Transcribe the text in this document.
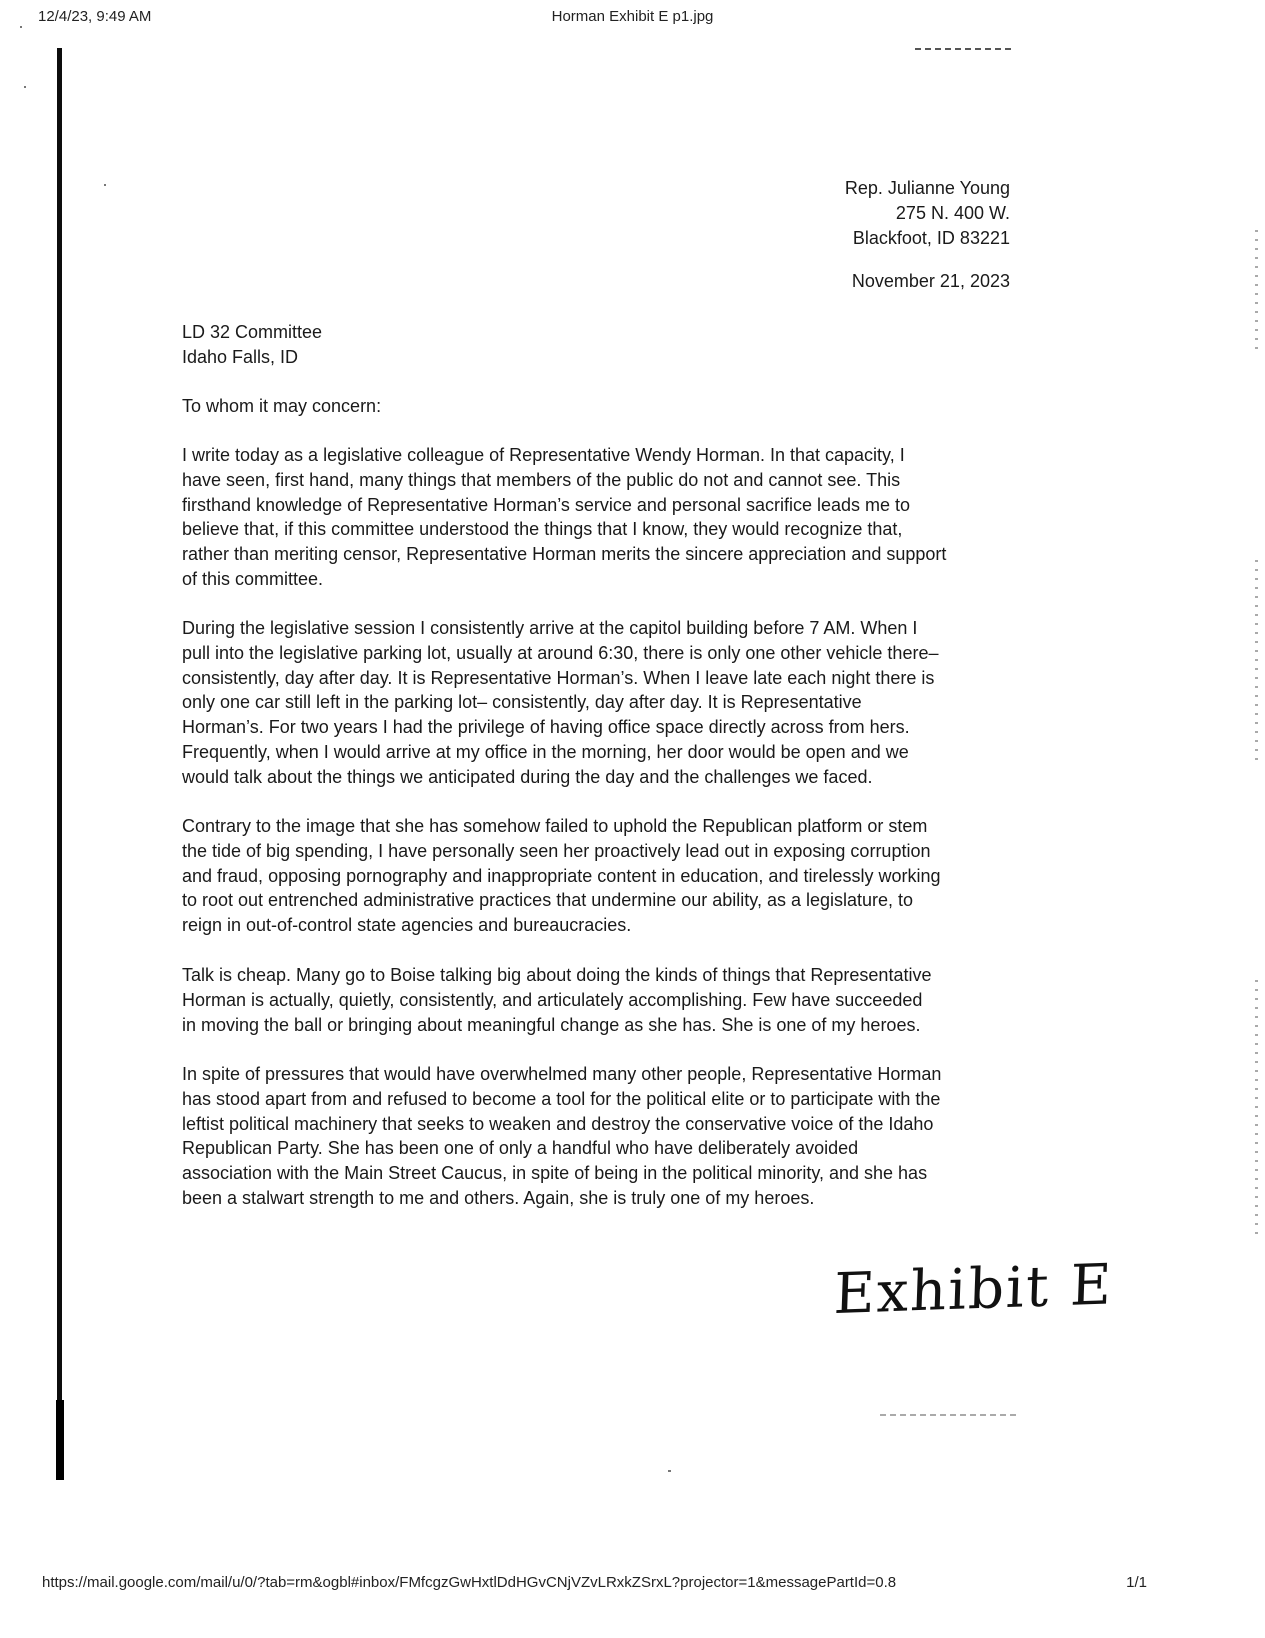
12/4/23, 9:49 AM	Horman Exhibit E p1.jpg
Rep. Julianne Young
275 N. 400 W.
Blackfoot, ID 83221
November 21, 2023
LD 32 Committee
Idaho Falls, ID
To whom it may concern:
I write today as a legislative colleague of Representative Wendy Horman. In that capacity, I
have seen, first hand, many things that members of the public do not and cannot see. This
firsthand knowledge of Representative Horman’s service and personal sacrifice leads me to
believe that, if this committee understood the things that I know, they would recognize that,
rather than meriting censor, Representative Horman merits the sincere appreciation and support
of this committee.
During the legislative session I consistently arrive at the capitol building before 7 AM. When I
pull into the legislative parking lot, usually at around 6:30, there is only one other vehicle there–
consistently, day after day. It is Representative Horman’s. When I leave late each night there is
only one car still left in the parking lot– consistently, day after day. It is Representative
Horman’s. For two years I had the privilege of having office space directly across from hers.
Frequently, when I would arrive at my office in the morning, her door would be open and we
would talk about the things we anticipated during the day and the challenges we faced.
Contrary to the image that she has somehow failed to uphold the Republican platform or stem
the tide of big spending, I have personally seen her proactively lead out in exposing corruption
and fraud, opposing pornography and inappropriate content in education, and tirelessly working
to root out entrenched administrative practices that undermine our ability, as a legislature, to
reign in out-of-control state agencies and bureaucracies.
Talk is cheap. Many go to Boise talking big about doing the kinds of things that Representative
Horman is actually, quietly, consistently, and articulately accomplishing. Few have succeeded
in moving the ball or bringing about meaningful change as she has. She is one of my heroes.
In spite of pressures that would have overwhelmed many other people, Representative Horman
has stood apart from and refused to become a tool for the political elite or to participate with the
leftist political machinery that seeks to weaken and destroy the conservative voice of the Idaho
Republican Party. She has been one of only a handful who have deliberately avoided
association with the Main Street Caucus, in spite of being in the political minority, and she has
been a stalwart strength to me and others. Again, she is truly one of my heroes.
Exhibit E
https://mail.google.com/mail/u/0/?tab=rm&ogbl#inbox/FMfcgzGwHxtlDdHGvCNjVZvLRxkZSrxL?projector=1&messagePartId=0.8	1/1
